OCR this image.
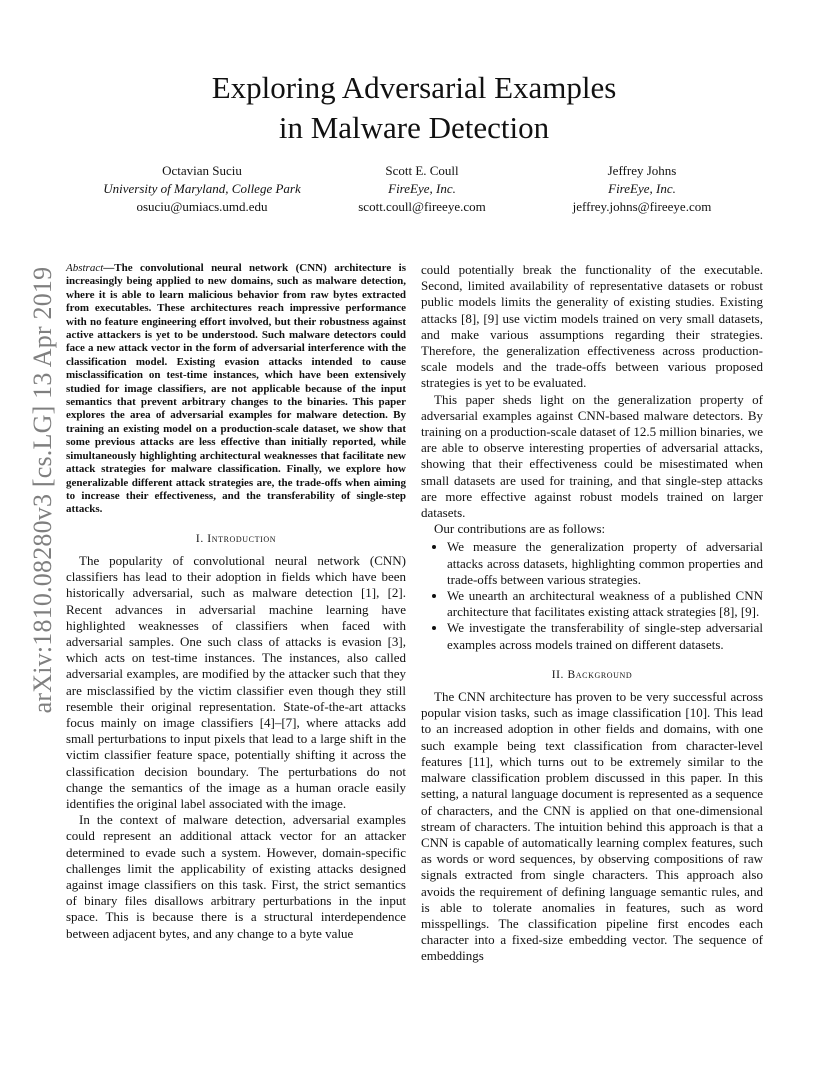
Exploring Adversarial Examples
in Malware Detection
Octavian Suciu
University of Maryland, College Park
osuciu@umiacs.umd.edu
Scott E. Coull
FireEye, Inc.
scott.coull@fireeye.com
Jeffrey Johns
FireEye, Inc.
jeffrey.johns@fireeye.com
arXiv:1810.08280v3 [cs.LG] 13 Apr 2019 Abstract—The convolutional neural network (CNN) architecture is increasingly being applied to new domains, such as malware detection, where it is able to learn malicious behavior from raw bytes extracted from executables. These architectures reach impressive performance with no feature engineering effort involved, but their robustness against active attackers is yet to be understood. Such malware detectors could face a new attack vector in the form of adversarial interference with the classification model. Existing evasion attacks intended to cause misclassification on test-time instances, which have been extensively studied for image classifiers, are not applicable because of the input semantics that prevent arbitrary changes to the binaries. This paper explores the area of adversarial examples for malware detection. By training an existing model on a production-scale dataset, we show that some previous attacks are less effective than initially reported, while simultaneously highlighting architectural weaknesses that facilitate new attack strategies for malware classification. Finally, we explore how generalizable different attack strategies are, the trade-offs when aiming to increase their effectiveness, and the transferability of single-step attacks.

I. Introduction

The popularity of convolutional neural network (CNN) classifiers has lead to their adoption in fields which have been historically adversarial, such as malware detection [1], [2]. Recent advances in adversarial machine learning have highlighted weaknesses of classifiers when faced with adversarial samples. One such class of attacks is evasion [3], which acts on test-time instances. The instances, also called adversarial examples, are modified by the attacker such that they are misclassified by the victim classifier even though they still resemble their original representation. State-of-the-art attacks focus mainly on image classifiers [4]–[7], where attacks add small perturbations to input pixels that lead to a large shift in the victim classifier feature space, potentially shifting it across the classification decision boundary. The perturbations do not change the semantics of the image as a human oracle easily identifies the original label associated with the image.

In the context of malware detection, adversarial examples could represent an additional attack vector for an attacker determined to evade such a system. However, domain-specific challenges limit the applicability of existing attacks designed against image classifiers on this task. First, the strict semantics of binary files disallows arbitrary perturbations in the input space. This is because there is a structural interdependence between adjacent bytes, and any change to a byte value

could potentially break the functionality of the executable. Second, limited availability of representative datasets or robust public models limits the generality of existing studies. Existing attacks [8], [9] use victim models trained on very small datasets, and make various assumptions regarding their strategies. Therefore, the generalization effectiveness across production-scale models and the trade-offs between various proposed strategies is yet to be evaluated.

This paper sheds light on the generalization property of adversarial examples against CNN-based malware detectors. By training on a production-scale dataset of 12.5 million binaries, we are able to observe interesting properties of adversarial attacks, showing that their effectiveness could be misestimated when small datasets are used for training, and that single-step attacks are more effective against robust models trained on larger datasets.

Our contributions are as follows:

• We measure the generalization property of adversarial attacks across datasets, highlighting common properties and trade-offs between various strategies.
• We unearth an architectural weakness of a published CNN architecture that facilitates existing attack strategies [8], [9].
• We investigate the transferability of single-step adversarial examples across models trained on different datasets.
II. Background

The CNN architecture has proven to be very successful across popular vision tasks, such as image classification [10]. This lead to an increased adoption in other fields and domains, with one such example being text classification from character-level features [11], which turns out to be extremely similar to the malware classification problem discussed in this paper. In this setting, a natural language document is represented as a sequence of characters, and the CNN is applied on that one-dimensional stream of characters. The intuition behind this approach is that a CNN is capable of automatically learning complex features, such as words or word sequences, by observing compositions of raw signals extracted from single characters. This approach also avoids the requirement of defining language semantic rules, and is able to tolerate anomalies in features, such as word misspellings. The classification pipeline first encodes each character into a fixed-size embedding vector. The sequence of embeddings
